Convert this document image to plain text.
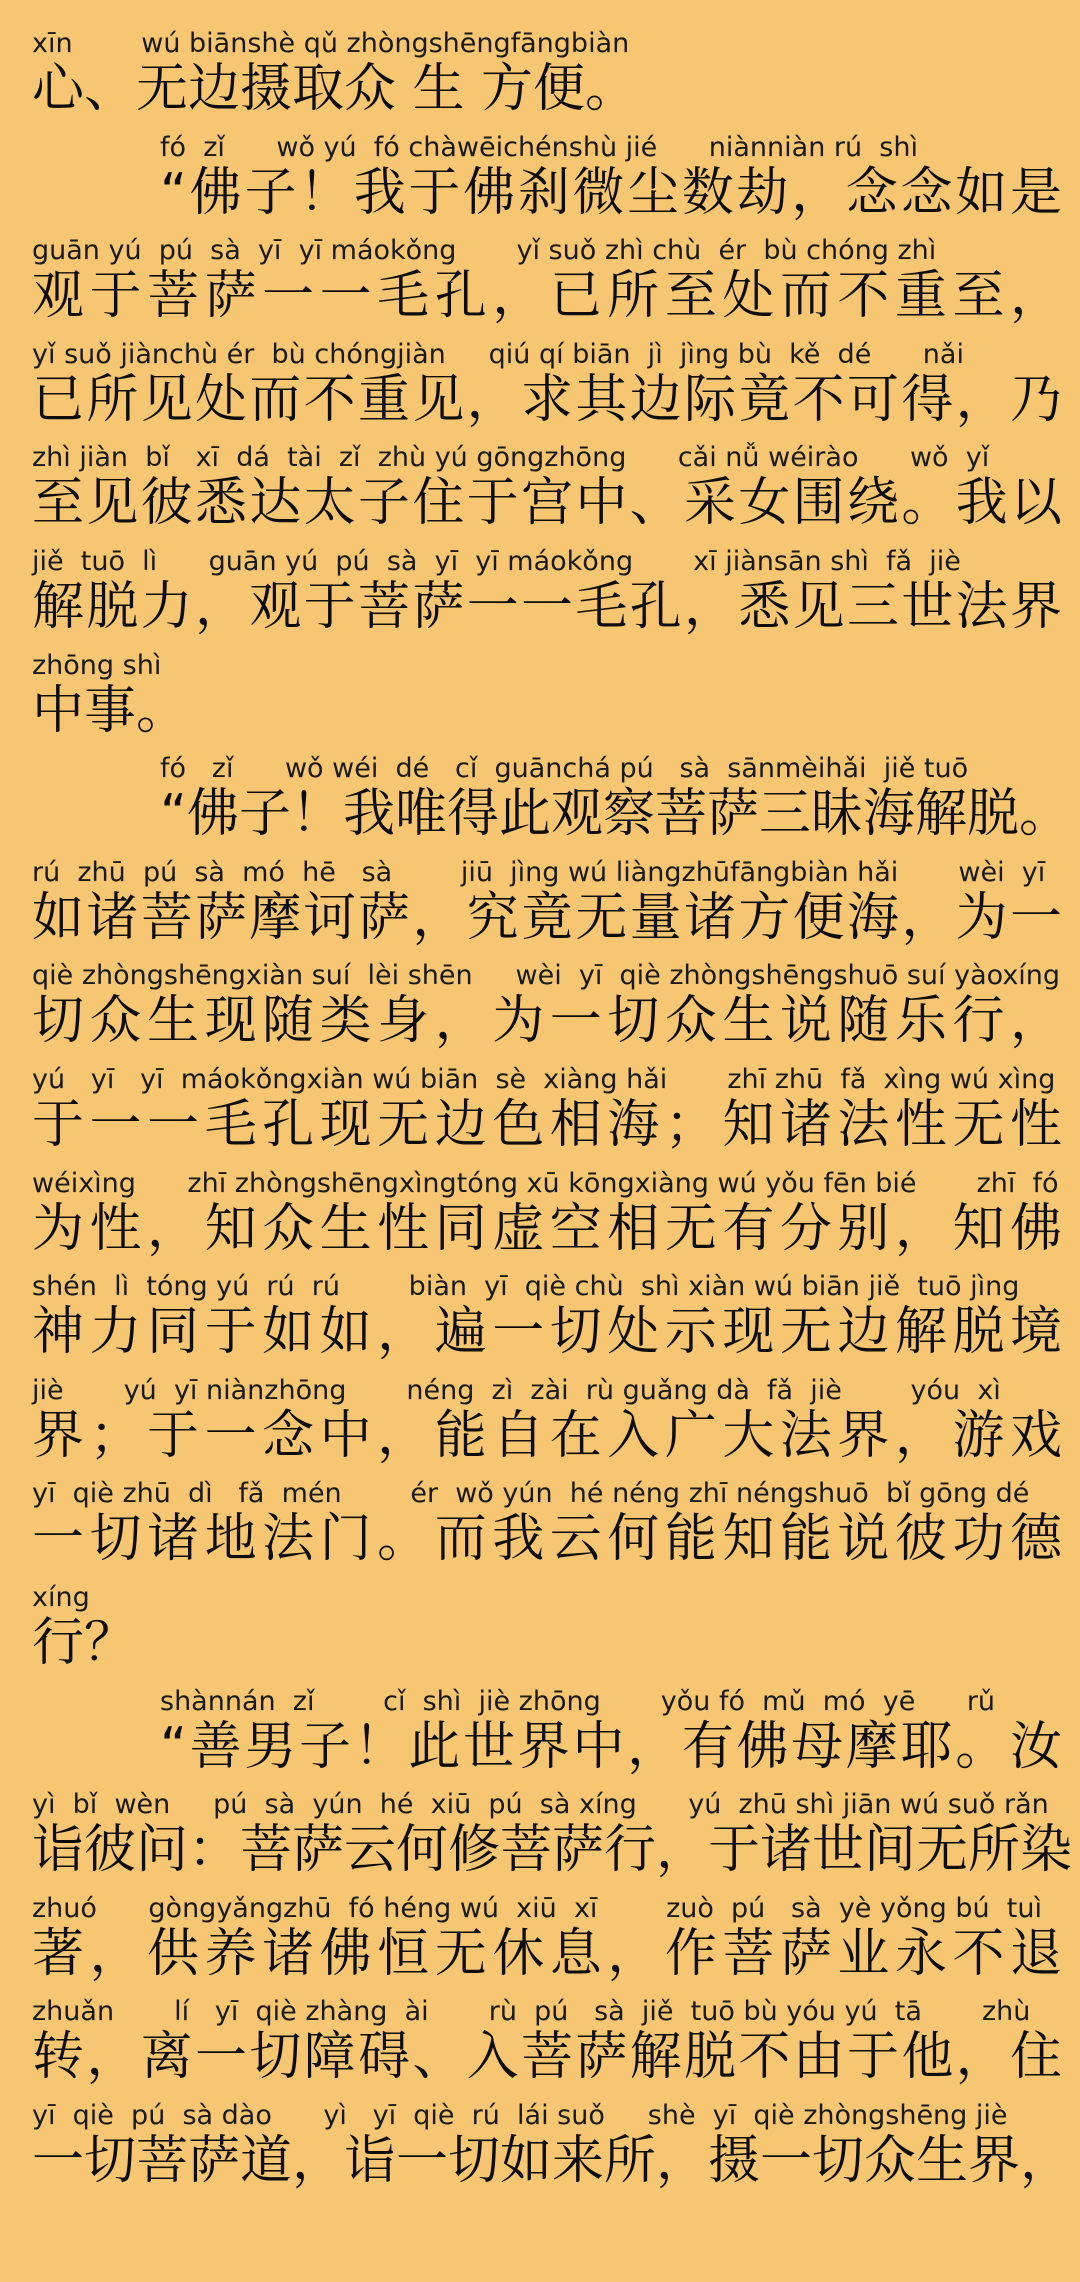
xīn        wú biānshè qǔ zhòngshēngfāngbiàn
心、无边摄取众 生 方便。
fó  zǐ      wǒ yú  fó chàwēichénshù jié      niànniàn rú  shì
“佛子！我于佛刹微尘数劫，念念如是
guān yú  pú  sà  yī  yī máokǒng       yǐ suǒ zhì chù  ér  bù chóng zhì
观于菩萨一一毛孔，已所至处而不重至，
yǐ suǒ jiànchù ér  bù chóngjiàn     qiú qí biān  jì  jìng bù  kě  dé      nǎi
已所见处而不重见，求其边际竟不可得，乃
zhì jiàn  bǐ   xī  dá  tài  zǐ  zhù yú gōngzhōng      cǎi nǚ wéirào      wǒ  yǐ
至见彼悉达太子住于宫中、采女围绕。我以
jiě  tuō  lì      guān yú  pú  sà  yī  yī máokǒng       xī jiànsān shì  fǎ  jiè
解脱力，观于菩萨一一毛孔，悉见三世法界
zhōng shì
中事。
fó   zǐ      wǒ wéi  dé   cǐ  guānchá pú   sà  sānmèihǎi  jiě tuō
“佛子！我唯得此观察菩萨三昧海解脱。
rú  zhū  pú  sà  mó  hē   sà        jiū  jìng wú liàngzhūfāngbiàn hǎi       wèi  yī
如诸菩萨摩诃萨，究竟无量诸方便海，为一
qiè zhòngshēngxiàn suí  lèi shēn     wèi  yī  qiè zhòngshēngshuō suí yàoxíng
切众生现随类身，为一切众生说随乐行，
yú   yī   yī  máokǒngxiàn wú biān  sè  xiàng hǎi       zhī zhū  fǎ  xìng wú xìng
于一一毛孔现无边色相海；知诸法性无性
wéixìng      zhī zhòngshēngxìngtóng xū kōngxiàng wú yǒu fēn bié       zhī  fó
为性，知众生性同虚空相无有分别，知佛
shén  lì  tóng yú  rú  rú        biàn  yī  qiè chù  shì xiàn wú biān jiě  tuō jìng
神力同于如如，遍一切处示现无边解脱境
jiè       yú  yī niànzhōng       néng  zì  zài  rù guǎng dà  fǎ  jiè        yóu  xì
界；于一念中，能自在入广大法界，游戏
yī  qiè zhū  dì   fǎ  mén        ér  wǒ yún  hé néng zhī néngshuō  bǐ gōng dé
一切诸地法门。而我云何能知能说彼功德
xíng
行？
shànnán  zǐ        cǐ  shì  jiè zhōng       yǒu fó  mǔ  mó  yē      rǔ
“善男子！此世界中，有佛母摩耶。汝
yì  bǐ  wèn     pú  sà  yún  hé  xiū  pú  sà xíng      yú  zhū shì jiān wú suǒ rǎn
诣彼问：菩萨云何修菩萨行，于诸世间无所染
zhuó      gòngyǎngzhū  fó héng wú  xiū  xī        zuò  pú   sà  yè yǒng bú  tuì
著，供养诸佛恒无休息，作菩萨业永不退
zhuǎn       lí   yī  qiè zhàng  ài       rù  pú   sà  jiě  tuō bù yóu yú  tā       zhù
转，离一切障碍、入菩萨解脱不由于他，住
yī  qiè  pú  sà dào      yì   yī  qiè  rú  lái suǒ     shè  yī  qiè zhòngshēng jiè
一切菩萨道，诣一切如来所，摄一切众生界，
